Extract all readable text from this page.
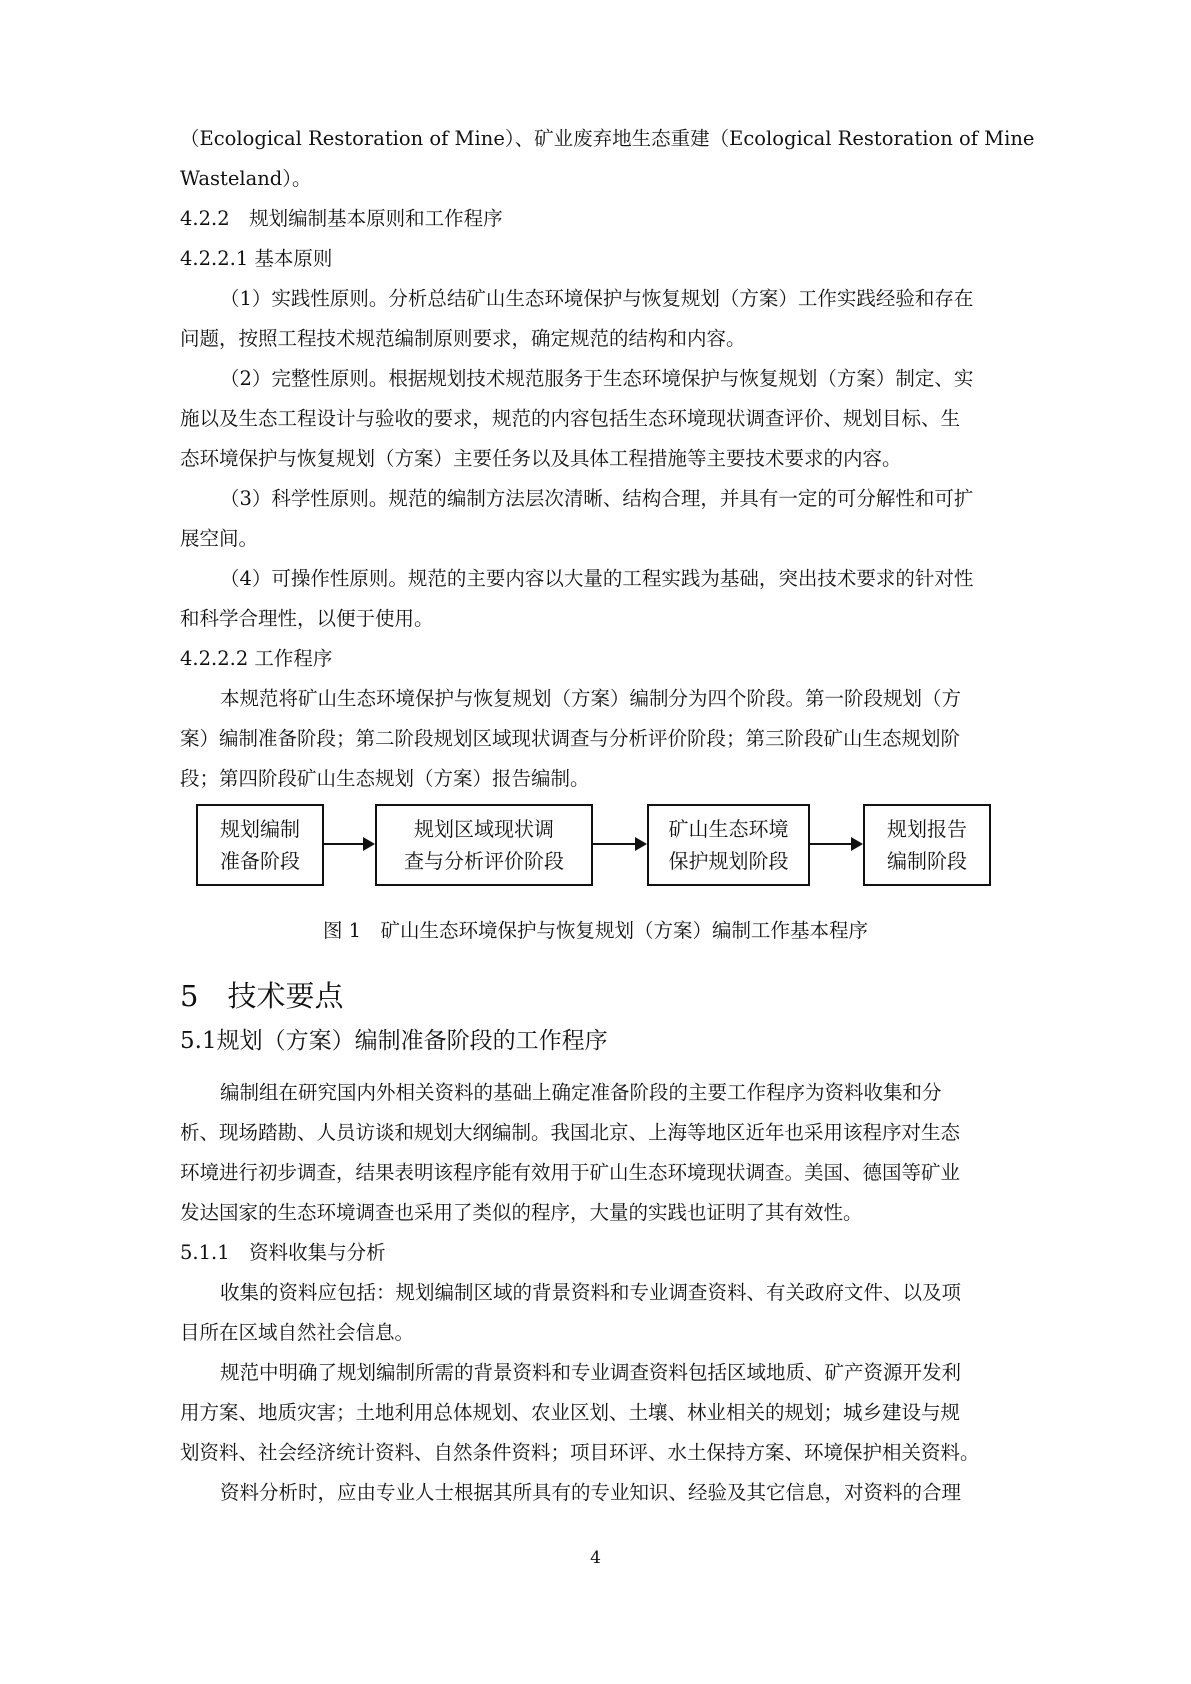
（Ecological Restoration of Mine）、矿业废弃地生态重建（Ecological Restoration of Mine
Wasteland）。
4.2.2　规划编制基本原则和工作程序
4.2.2.1 基本原则
（1）实践性原则。分析总结矿山生态环境保护与恢复规划（方案）工作实践经验和存在
问题，按照工程技术规范编制原则要求，确定规范的结构和内容。
（2）完整性原则。根据规划技术规范服务于生态环境保护与恢复规划（方案）制定、实
施以及生态工程设计与验收的要求，规范的内容包括生态环境现状调查评价、规划目标、生
态环境保护与恢复规划（方案）主要任务以及具体工程措施等主要技术要求的内容。
（3）科学性原则。规范的编制方法层次清晰、结构合理，并具有一定的可分解性和可扩
展空间。
（4）可操作性原则。规范的主要内容以大量的工程实践为基础，突出技术要求的针对性
和科学合理性，以便于使用。
4.2.2.2 工作程序
本规范将矿山生态环境保护与恢复规划（方案）编制分为四个阶段。第一阶段规划（方
案）编制准备阶段；第二阶段规划区域现状调查与分析评价阶段；第三阶段矿山生态规划阶
段；第四阶段矿山生态规划（方案）报告编制。
规划编制
准备阶段
规划区域现状调
查与分析评价阶段
矿山生态环境
保护规划阶段
规划报告
编制阶段
图 1　矿山生态环境保护与恢复规划（方案）编制工作基本程序
5　技术要点
5.1规划（方案）编制准备阶段的工作程序
编制组在研究国内外相关资料的基础上确定准备阶段的主要工作程序为资料收集和分
析、现场踏勘、人员访谈和规划大纲编制。我国北京、上海等地区近年也采用该程序对生态
环境进行初步调查，结果表明该程序能有效用于矿山生态环境现状调查。美国、德国等矿业
发达国家的生态环境调查也采用了类似的程序，大量的实践也证明了其有效性。
5.1.1　资料收集与分析
收集的资料应包括：规划编制区域的背景资料和专业调查资料、有关政府文件、以及项
目所在区域自然社会信息。
规范中明确了规划编制所需的背景资料和专业调查资料包括区域地质、矿产资源开发利
用方案、地质灾害；土地利用总体规划、农业区划、土壤、林业相关的规划；城乡建设与规
划资料、社会经济统计资料、自然条件资料；项目环评、水土保持方案、环境保护相关资料。
资料分析时，应由专业人士根据其所具有的专业知识、经验及其它信息，对资料的合理
4
